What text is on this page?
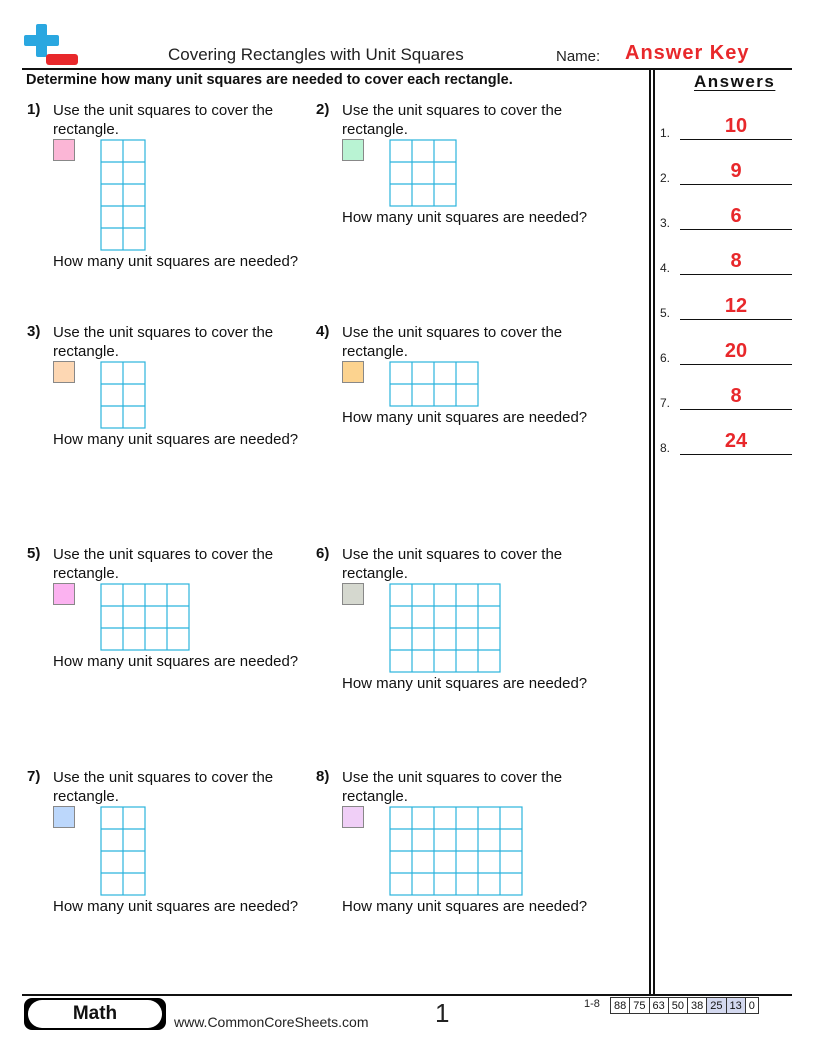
Covering Rectangles with Unit Squares	Name: Answer Key
Determine how many unit squares are needed to cover each rectangle.	Answers
1.	10
2.	9
3.	6
4.	8
5.	12
6.	20
7.	8
8.	24
1) Use the unit squares to cover the rectangle.
How many unit squares are needed?
2) Use the unit squares to cover the rectangle.
How many unit squares are needed?
3) Use the unit squares to cover the rectangle.
How many unit squares are needed?
4) Use the unit squares to cover the rectangle.
How many unit squares are needed?
5) Use the unit squares to cover the rectangle.
How many unit squares are needed?
6) Use the unit squares to cover the rectangle.
How many unit squares are needed?
7) Use the unit squares to cover the rectangle.
How many unit squares are needed?
8) Use the unit squares to cover the rectangle.
How many unit squares are needed?
Math	www.CommonCoreSheets.com	1	1-8 88	75	63	50	38	25	13	0
